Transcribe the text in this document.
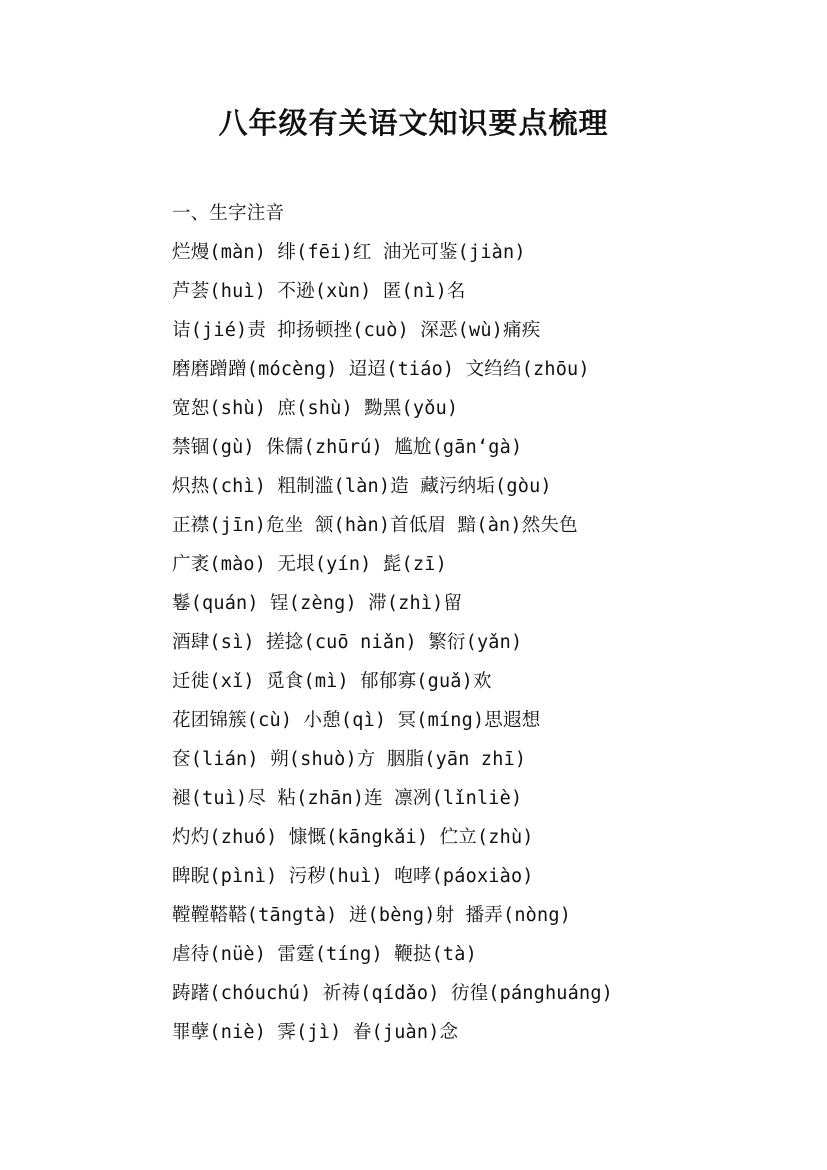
八年级有关语文知识要点梳理
一、生字注音
烂熳(màn) 绯(fēi)红 油光可鉴(jiàn)
芦荟(huì) 不逊(xùn) 匿(nì)名
诘(jié)责 抑扬顿挫(cuò) 深恶(wù)痛疾
磨磨蹭蹭(mócèng) 迢迢(tiáo) 文绉绉(zhōu)
宽恕(shù) 庶(shù) 黝黑(yǒu)
禁锢(gù) 侏儒(zhūrú) 尴尬(gān‘gà)
炽热(chì) 粗制滥(làn)造 藏污纳垢(gòu)
正襟(jīn)危坐 颔(hàn)首低眉 黯(àn)然失色
广袤(mào) 无垠(yín) 髭(zī)
鬈(quán) 锃(zèng) 滞(zhì)留
酒肆(sì) 搓捻(cuō niǎn) 繁衍(yǎn)
迁徙(xǐ) 觅食(mì) 郁郁寡(guǎ)欢
花团锦簇(cù) 小憩(qì) 冥(míng)思遐想
奁(lián) 朔(shuò)方 胭脂(yān zhī)
褪(tuì)尽 粘(zhān)连 凛冽(lǐnliè)
灼灼(zhuó) 慷慨(kāngkǎi) 伫立(zhù)
睥睨(pìnì) 污秽(huì) 咆哮(páoxiào)
鞺鞺鞳鞳(tāngtà) 迸(bèng)射 播弄(nòng)
虐待(nüè) 雷霆(tíng) 鞭挞(tà)
踌躇(chóuchú) 祈祷(qídǎo) 彷徨(pánghuáng)
罪孽(niè) 霁(jì) 眷(juàn)念
